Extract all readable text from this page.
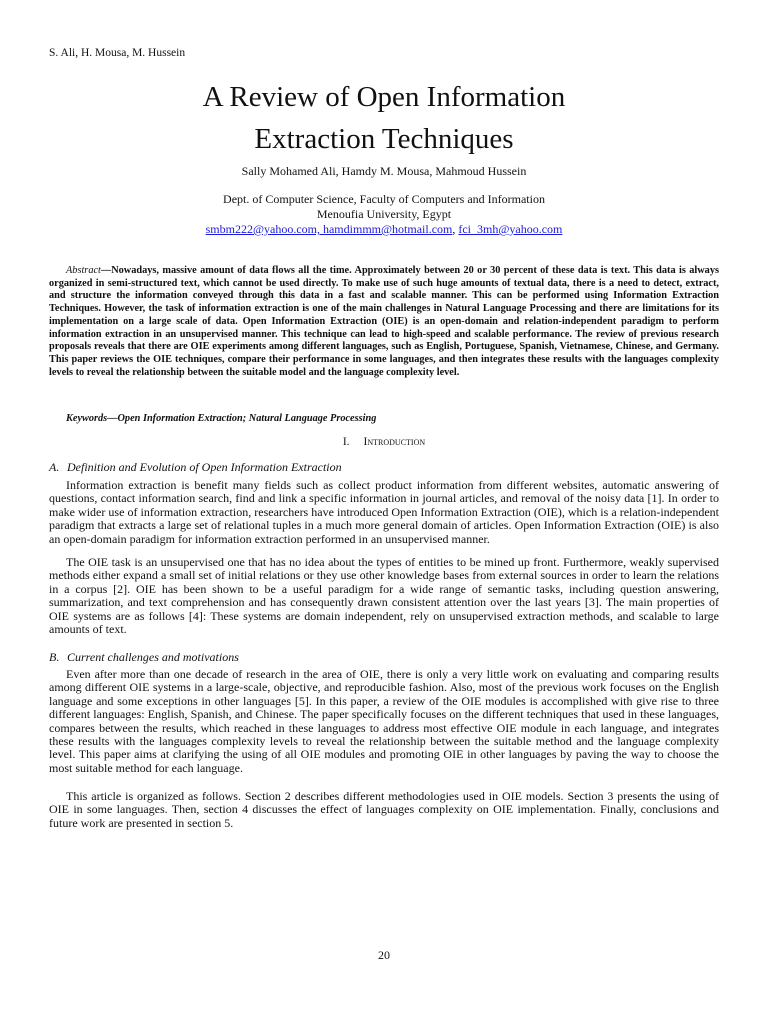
S. Ali, H. Mousa, M. Hussein
A Review of Open Information
Extraction Techniques
Sally Mohamed Ali, Hamdy M. Mousa, Mahmoud Hussein
Dept. of Computer Science, Faculty of Computers and Information
Menoufia University, Egypt
smbm222@yahoo.com, hamdimmm@hotmail.com, fci_3mh@yahoo.com

Abstract—Nowadays, massive amount of data flows all the time. Approximately between 20 or 30 percent of these data is text. This data is always organized in semi-structured text, which cannot be used directly. To make use of such huge amounts of textual data, there is a need to detect, extract, and structure the information conveyed through this data in a fast and scalable manner. This can be performed using Information Extraction Techniques. However, the task of information extraction is one of the main challenges in Natural Language Processing and there are limitations for its implementation on a large scale of data. Open Information Extraction (OIE) is an open-domain and relation-independent paradigm to perform information extraction in an unsupervised manner. This technique can lead to high-speed and scalable performance. The review of previous research proposals reveals that there are OIE experiments among different languages, such as English, Portuguese, Spanish, Vietnamese, Chinese, and Germany. This paper reviews the OIE techniques, compare their performance in some languages, and then integrates these results with the languages complexity levels to reveal the relationship between the suitable model and the language complexity level.

Keywords—Open Information Extraction; Natural Language Processing

I. Introduction
A. Definition and Evolution of Open Information Extraction

Information extraction is benefit many fields such as collect product information from different websites, automatic answering of questions, contact information search, find and link a specific information in journal articles, and removal of the noisy data [1]. In order to make wider use of information extraction, researchers have introduced Open Information Extraction (OIE), which is a relation-independent paradigm that extracts a large set of relational tuples in a much more general domain of articles. Open Information Extraction (OIE) is also an open-domain paradigm for information extraction performed in an unsupervised manner.

The OIE task is an unsupervised one that has no idea about the types of entities to be mined up front. Furthermore, weakly supervised methods either expand a small set of initial relations or they use other knowledge bases from external sources in order to learn the relations in a corpus [2]. OIE has been shown to be a useful paradigm for a wide range of semantic tasks, including question answering, summarization, and text comprehension and has consequently drawn consistent attention over the last years [3]. The main properties of OIE systems are as follows [4]: These systems are domain independent, rely on unsupervised extraction methods, and scalable to large amounts of text.

B. Current challenges and motivations

Even after more than one decade of research in the area of OIE, there is only a very little work on evaluating and comparing results among different OIE systems in a large-scale, objective, and reproducible fashion. Also, most of the previous work focuses on the English language and some exceptions in other languages [5]. In this paper, a review of the OIE modules is accomplished with give rise to three different languages: English, Spanish, and Chinese. The paper specifically focuses on the different techniques that used in these languages, compares between the results, which reached in these languages to address most effective OIE module in each language, and integrates these results with the languages complexity levels to reveal the relationship between the suitable method and the language complexity level. This paper aims at clarifying the using of all OIE modules and promoting OIE in other languages by paving the way to choose the most suitable method for each language.

This article is organized as follows. Section 2 describes different methodologies used in OIE models. Section 3 presents the using of OIE in some languages. Then, section 4 discusses the effect of languages complexity on OIE implementation. Finally, conclusions and future work are presented in section 5.

20
